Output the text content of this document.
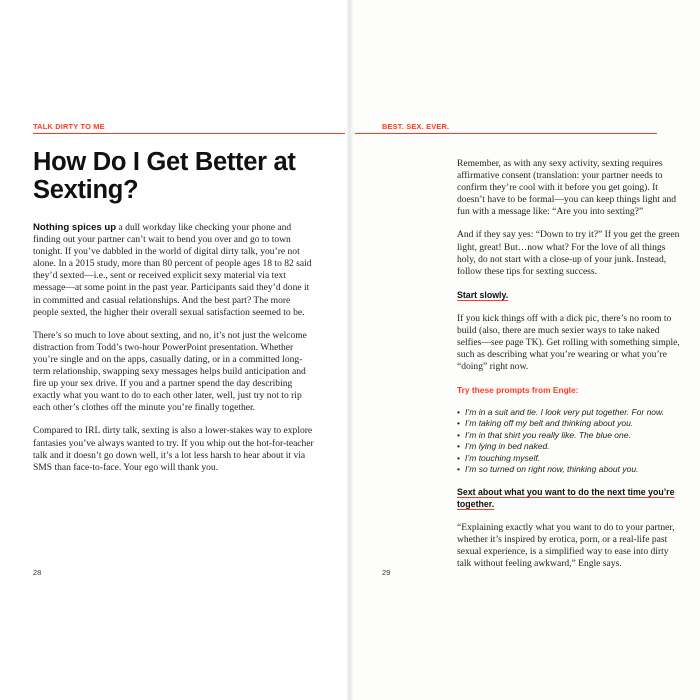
TALK DIRTY TO ME
How Do I Get Better at Sexting?

Nothing spices up a dull workday like checking your phone and finding out your partner can’t wait to bend you over and go to town tonight. If you’ve dabbled in the world of digital dirty talk, you’re not alone. In a 2015 study, more than 80 percent of people ages 18 to 82 said they’d sexted—i.e., sent or received explicit sexy material via text message—at some point in the past year. Participants said they’d done it in committed and casual relationships. And the best part? The more people sexted, the higher their overall sexual satisfaction seemed to be.

There’s so much to love about sexting, and no, it’s not just the welcome distraction from Todd’s two-hour PowerPoint presentation. Whether you’re single and on the apps, casually dating, or in a committed long-term relationship, swapping sexy messages helps build anticipation and fire up your sex drive. If you and a partner spend the day describing exactly what you want to do to each other later, well, just try not to rip each other’s clothes off the minute you’re finally together.

Compared to IRL dirty talk, sexting is also a lower-stakes way to explore fantasies you’ve always wanted to try. If you whip out the hot-for-teacher talk and it doesn’t go down well, it’s a lot less harsh to hear about it via SMS than face-to-face. Your ego will thank you.

28
BEST. SEX. EVER.

Remember, as with any sexy activity, sexting requires affirmative consent (translation: your partner needs to confirm they’re cool with it before you get going). It doesn’t have to be formal—you can keep things light and fun with a message like: “Are you into sexting?”

And if they say yes: “Down to try it?” If you get the green light, great! But…now what? For the love of all things holy, do not start with a close-up of your junk. Instead, follow these tips for sexting success.

Start slowly.

If you kick things off with a dick pic, there’s no room to build (also, there are much sexier ways to take naked selfies—see page TK). Get rolling with something simple, such as describing what you’re wearing or what you’re “doing” right now.

Try these prompts from Engle:
• I’m in a suit and tie. I look very put together. For now.
• I’m taking off my belt and thinking about you.
• I’m in that shirt you really like. The blue one.
• I’m lying in bed naked.
• I’m touching myself.
• I’m so turned on right now, thinking about you.
Sext about what you want to do the next time you’re together.

“Explaining exactly what you want to do to your partner, whether it’s inspired by erotica, porn, or a real-life past sexual experience, is a simplified way to ease into dirty talk without feeling awkward,” Engle says.

29
